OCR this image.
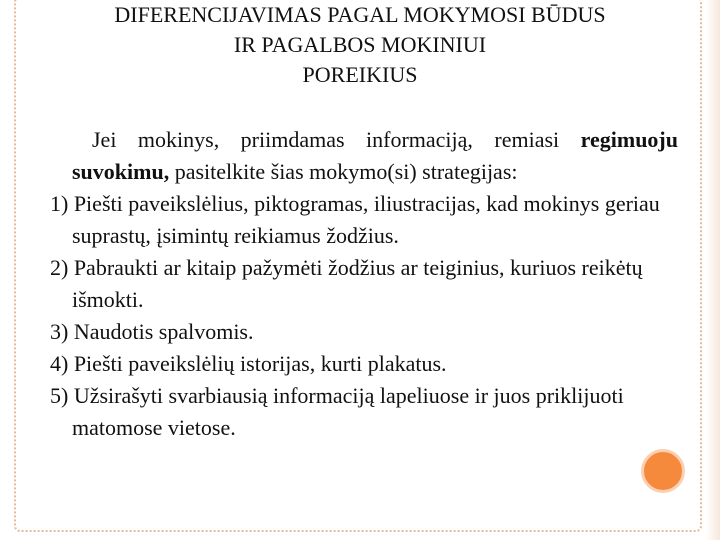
DIFERENCIJAVIMAS PAGAL MOKYMOSI BŪDUS
IR PAGALBOS MOKINIUI
POREIKIUS

Jei mokinys, priimdamas informaciją, remiasi regimuoju suvokimu, pasitelkite šias mokymo(si) strategijas:

1) Piešti paveikslėlius, piktogramas, iliustracijas, kad mokinys geriau suprastų, įsimintų reikiamus žodžius.
2) Pabraukti ar kitaip pažymėti žodžius ar teiginius, kuriuos reikėtų išmokti.
3) Naudotis spalvomis.
4) Piešti paveikslėlių istorijas, kurti plakatus.
5) Užsirašyti svarbiausią informaciją lapeliuose ir juos priklijuoti matomose vietose.
